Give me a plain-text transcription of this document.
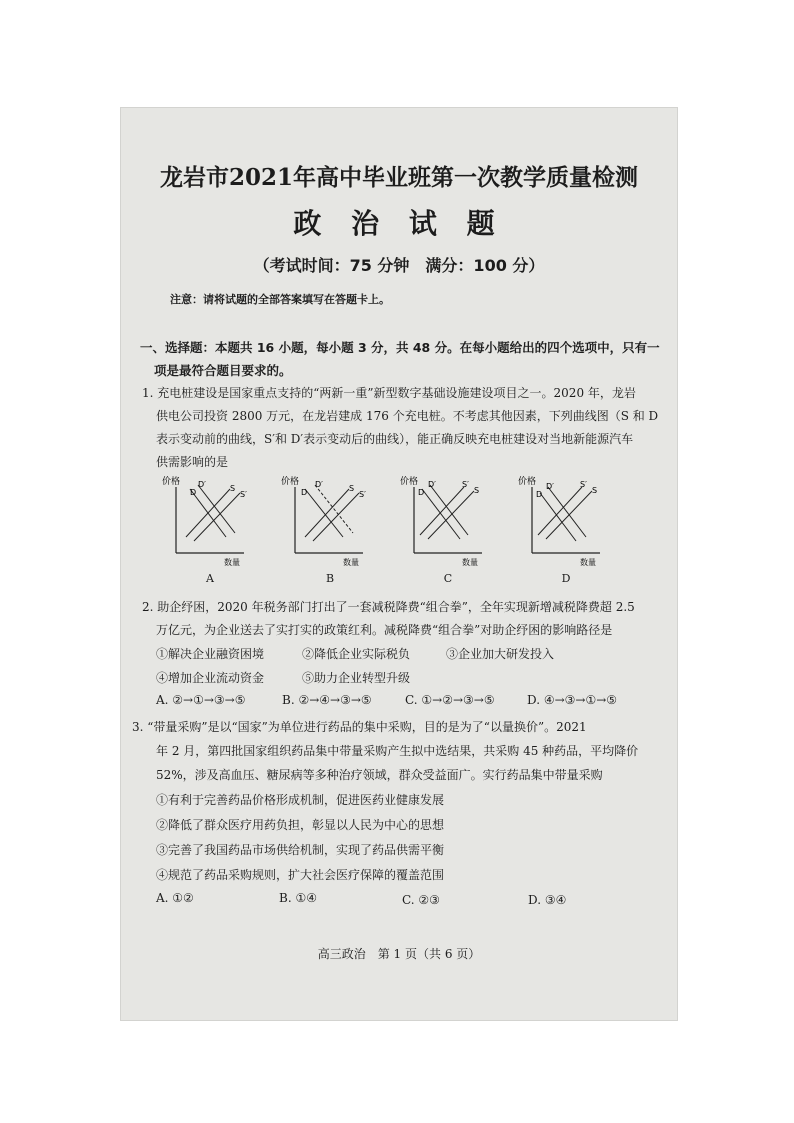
龙岩市2021年高中毕业班第一次教学质量检测
政 治 试 题
（考试时间：75 分钟　满分：100 分）
注意：请将试题的全部答案填写在答题卡上。
一、选择题：本题共 16 小题，每小题 3 分，共 48 分。在每小题给出的四个选项中，只有一
项是最符合题目要求的。
1. 充电桩建设是国家重点支持的“两新一重”新型数字基础设施建设项目之一。2020 年，龙岩
供电公司投资 2800 万元，在龙岩建成 176 个充电桩。不考虑其他因素，下列曲线图（S 和 D
表示变动前的曲线，S′和 D′表示变动后的曲线），能正确反映充电桩建设对当地新能源汽车
供需影响的是
价格 D′
D	S
S′
数量
价格 D′
D	S
S′
数量
价格 D′
D
S′
S
数量
价格
D
D′	S′
S
数量
A	B	C	D
2. 助企纾困，2020 年税务部门打出了一套减税降费“组合拳”，全年实现新增减税降费超 2.5
万亿元，为企业送去了实打实的政策红利。减税降费“组合拳”对助企纾困的影响路径是
①解决企业融资困境	②降低企业实际税负	③企业加大研发投入
④增加企业流动资金	⑤助力企业转型升级
A. ②→①→③→⑤	B. ②→④→③→⑤	C. ①→②→③→⑤	D. ④→③→①→⑤
3. “带量采购”是以“国家”为单位进行药品的集中采购，目的是为了“以量换价”。2021
年 2 月，第四批国家组织药品集中带量采购产生拟中选结果，共采购 45 种药品，平均降价
52%，涉及高血压、糖尿病等多种治疗领域，群众受益面广。实行药品集中带量采购
①有利于完善药品价格形成机制，促进医药业健康发展
②降低了群众医疗用药负担，彰显以人民为中心的思想
③完善了我国药品市场供给机制，实现了药品供需平衡
④规范了药品采购规则，扩大社会医疗保障的覆盖范围
A. ①②	B. ①④	C. ②③	D. ③④
高三政治　第 1 页（共 6 页）
